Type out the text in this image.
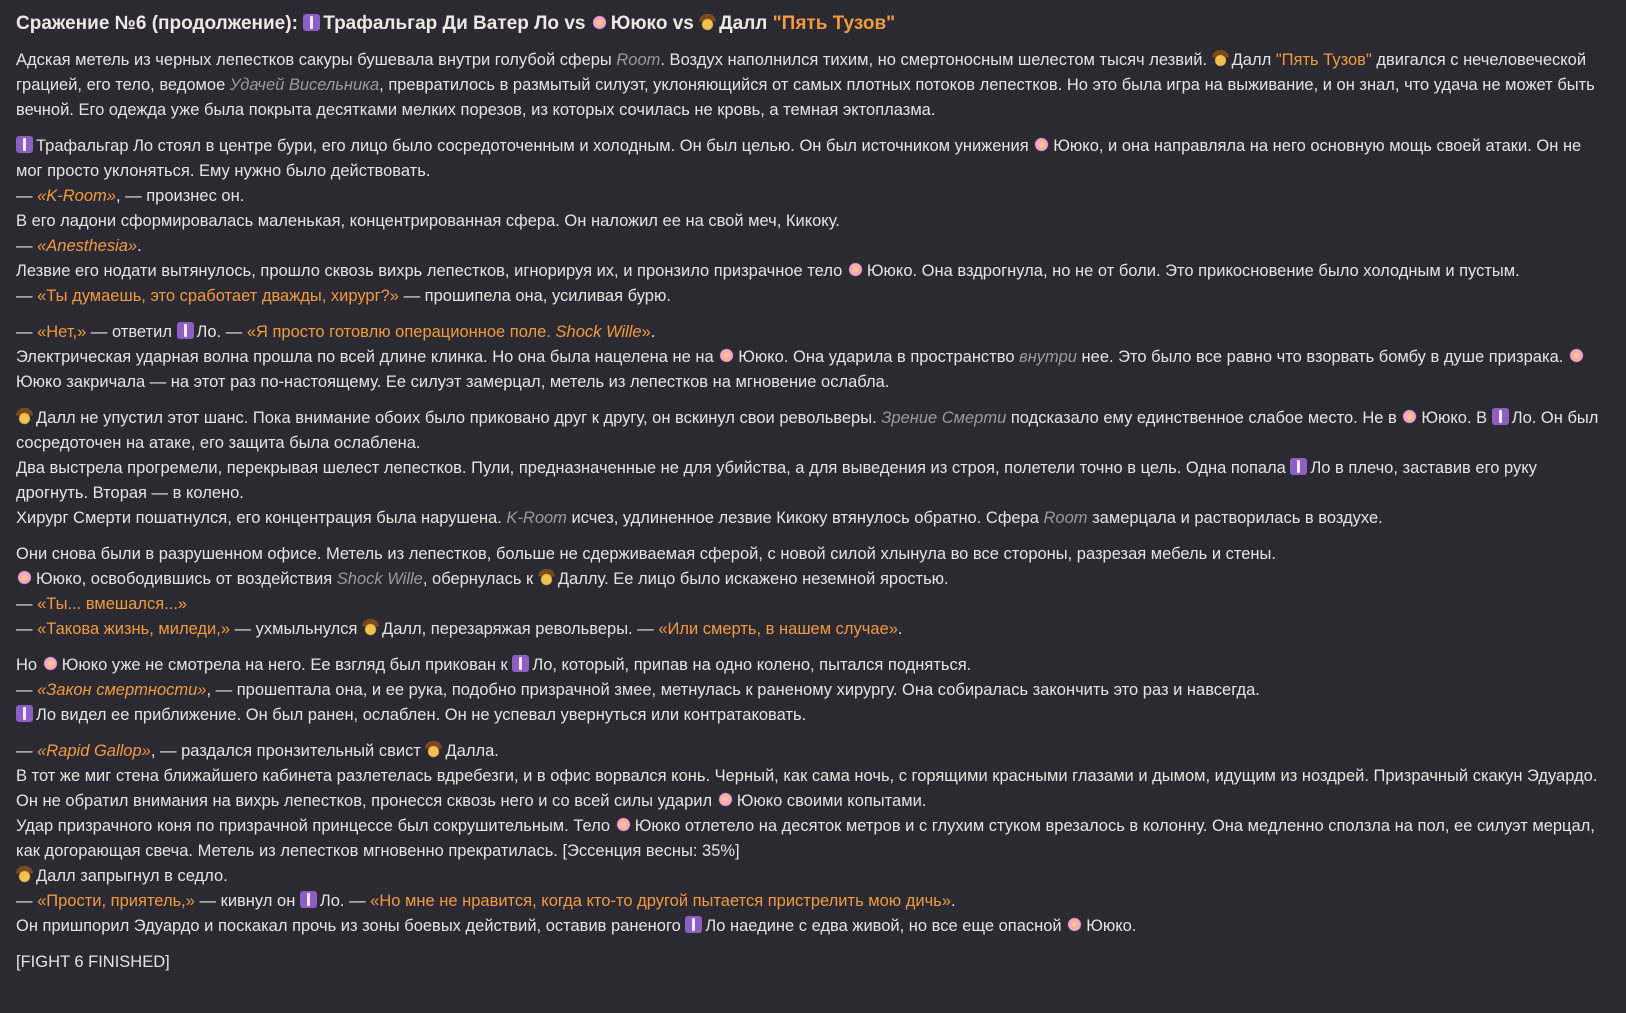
Сражение №6 (продолжение): Трафальгар Ди Ватер Ло vs Ююко vs Далл "Пять Тузов"

Адская метель из черных лепестков сакуры бушевала внутри голубой сферы Room. Воздух наполнился тихим, но смертоносным шелестом тысяч лезвий. Далл "Пять Тузов" двигался с нечеловеческой грацией, его тело, ведомое Удачей Висельника, превратилось в размытый силуэт, уклоняющийся от самых плотных потоков лепестков. Но это была игра на выживание, и он знал, что удача не может быть вечной. Его одежда уже была покрыта десятками мелких порезов, из которых сочилась не кровь, а темная эктоплазма.

Трафальгар Ло стоял в центре бури, его лицо было сосредоточенным и холодным. Он был целью. Он был источником унижения Ююко, и она направляла на него основную мощь своей атаки. Он не мог просто уклоняться. Ему нужно было действовать.
— «K-Room», — произнес он.
В его ладони сформировалась маленькая, концентрированная сфера. Он наложил ее на свой меч, Кикоку.
— «Anesthesia».
Лезвие его нодати вытянулось, прошло сквозь вихрь лепестков, игнорируя их, и пронзило призрачное тело Ююко. Она вздрогнула, но не от боли. Это прикосновение было холодным и пустым.
— «Ты думаешь, это сработает дважды, хирург?» — прошипела она, усиливая бурю.

— «Нет,» — ответил Ло. — «Я просто готовлю операционное поле. Shock Wille».
Электрическая ударная волна прошла по всей длине клинка. Но она была нацелена не на Ююко. Она ударила в пространство внутри нее. Это было все равно что взорвать бомбу в душе призрака. Ююко закричала — на этот раз по-настоящему. Ее силуэт замерцал, метель из лепестков на мгновение ослабла.

Далл не упустил этот шанс. Пока внимание обоих было приковано друг к другу, он вскинул свои револьверы. Зрение Смерти подсказало ему единственное слабое место. Не в Ююко. В Ло. Он был сосредоточен на атаке, его защита была ослаблена.
Два выстрела прогремели, перекрывая шелест лепестков. Пули, предназначенные не для убийства, а для выведения из строя, полетели точно в цель. Одна попала Ло в плечо, заставив его руку дрогнуть. Вторая — в колено.
Хирург Смерти пошатнулся, его концентрация была нарушена. K-Room исчез, удлиненное лезвие Кикоку втянулось обратно. Сфера Room замерцала и растворилась в воздухе.

Они снова были в разрушенном офисе. Метель из лепестков, больше не сдерживаемая сферой, с новой силой хлынула во все стороны, разрезая мебель и стены.
Ююко, освободившись от воздействия Shock Wille, обернулась к Даллу. Ее лицо было искажено неземной яростью.
— «Ты... вмешался...»
— «Такова жизнь, миледи,» — ухмыльнулся Далл, перезаряжая револьверы. — «Или смерть, в нашем случае».

Но Ююко уже не смотрела на него. Ее взгляд был прикован к Ло, который, припав на одно колено, пытался подняться.
— «Закон смертности», — прошептала она, и ее рука, подобно призрачной змее, метнулась к раненому хирургу. Она собиралась закончить это раз и навсегда.
Ло видел ее приближение. Он был ранен, ослаблен. Он не успевал увернуться или контратаковать.

— «Rapid Gallop», — раздался пронзительный свист Далла.
В тот же миг стена ближайшего кабинета разлетелась вдребезги, и в офис ворвался конь. Черный, как сама ночь, с горящими красными глазами и дымом, идущим из ноздрей. Призрачный скакун Эдуардо. Он не обратил внимания на вихрь лепестков, пронесся сквозь него и со всей силы ударил Ююко своими копытами.
Удар призрачного коня по призрачной принцессе был сокрушительным. Тело Ююко отлетело на десяток метров и с глухим стуком врезалось в колонну. Она медленно сползла на пол, ее силуэт мерцал, как догорающая свеча. Метель из лепестков мгновенно прекратилась. [Эссенция весны: 35%]
Далл запрыгнул в седло.
— «Прости, приятель,» — кивнул он Ло. — «Но мне не нравится, когда кто-то другой пытается пристрелить мою дичь».
Он пришпорил Эдуардо и поскакал прочь из зоны боевых действий, оставив раненого Ло наедине с едва живой, но все еще опасной Ююко.

[FIGHT 6 FINISHED]
